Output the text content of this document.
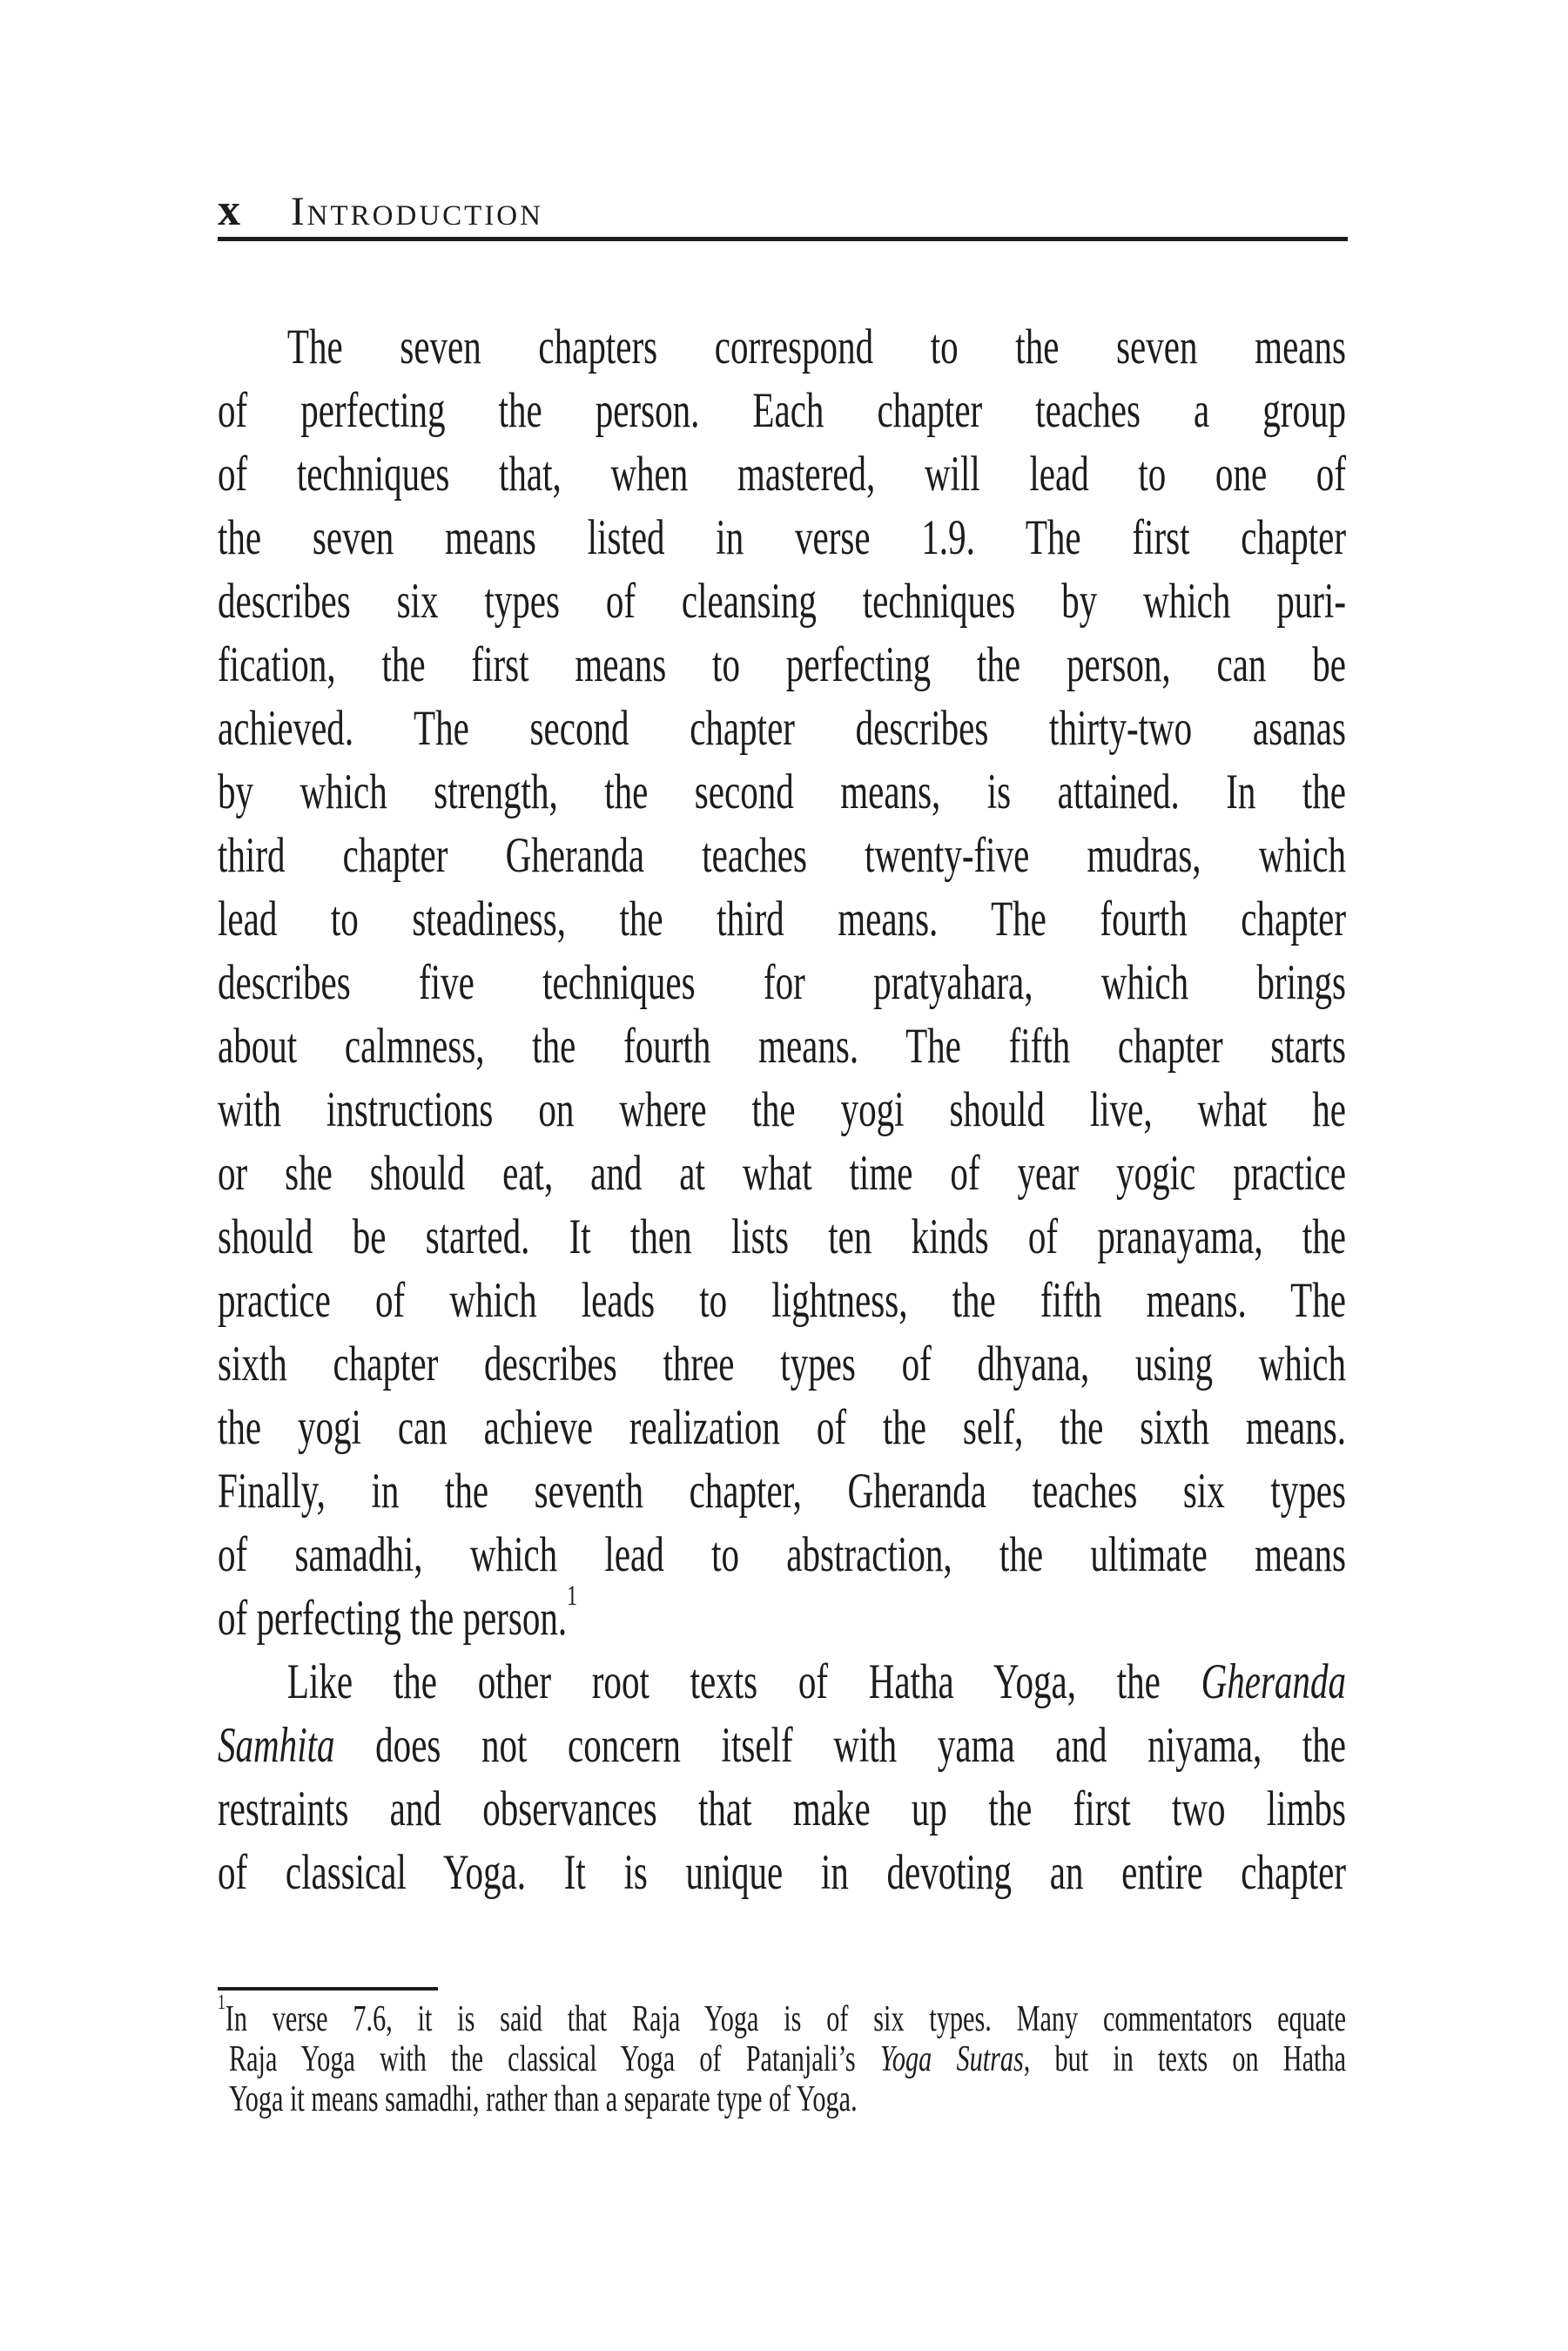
x Introduction
The seven chapters correspond to the seven means
of perfecting the person. Each chapter teaches a group
of techniques that, when mastered, will lead to one of
the seven means listed in verse 1.9. The first chapter
describes six types of cleansing techniques by which puri-
fication, the first means to perfecting the person, can be
achieved. The second chapter describes thirty-two asanas
by which strength, the second means, is attained. In the
third chapter Gheranda teaches twenty-five mudras, which
lead to steadiness, the third means. The fourth chapter
describes five techniques for pratyahara, which brings
about calmness, the fourth means. The fifth chapter starts
with instructions on where the yogi should live, what he
or she should eat, and at what time of year yogic practice
should be started. It then lists ten kinds of pranayama, the
practice of which leads to lightness, the fifth means. The
sixth chapter describes three types of dhyana, using which
the yogi can achieve realization of the self, the sixth means.
Finally, in the seventh chapter, Gheranda teaches six types
of samadhi, which lead to abstraction, the ultimate means
of perfecting the person.$^1$
Like the other root texts of Hatha Yoga, the Gheranda
Samhita does not concern itself with yama and niyama, the
restraints and observances that make up the first two limbs
of classical Yoga. It is unique in devoting an entire chapter
$^1$In verse 7.6, it is said that Raja Yoga is of six types. Many commentators equate
Raja Yoga with the classical Yoga of Patanjali’s Yoga Sutras, but in texts on Hatha
Yoga it means samadhi, rather than a separate type of Yoga.
